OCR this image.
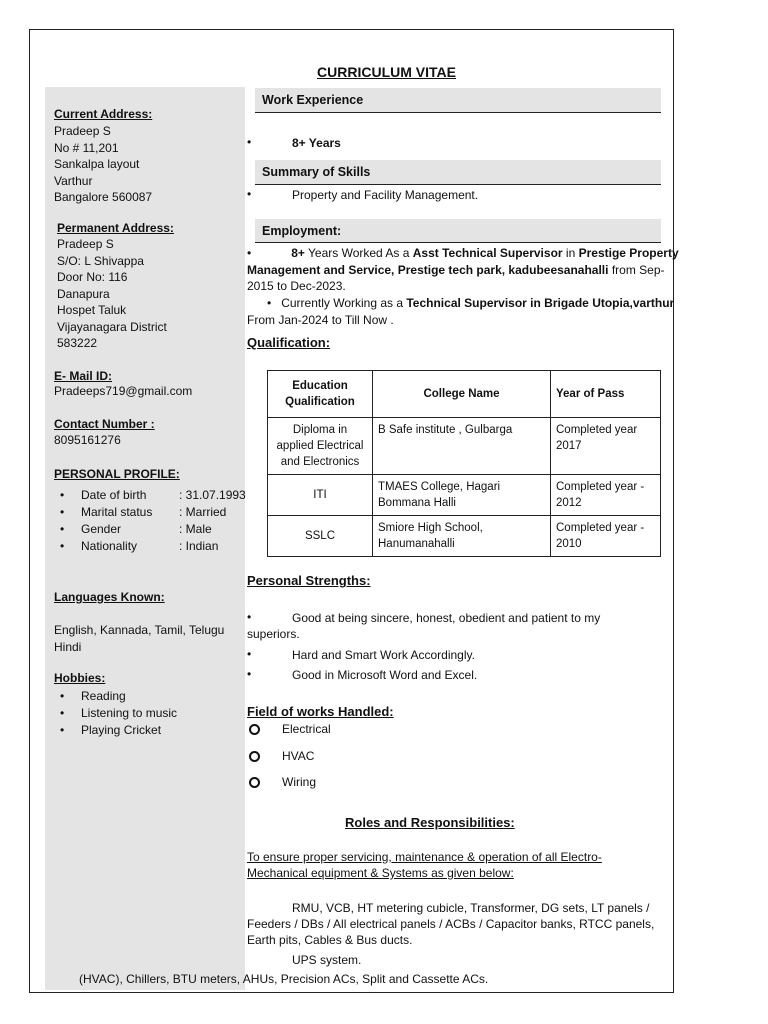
CURRICULUM VITAE
Current Address:
Pradeep S
No # 11,201
Sankalpa layout
Varthur
Bangalore 560087
Permanent Address:
Pradeep S
S/O: L Shivappa
Door No: 116
Danapura
Hospet Taluk
Vijayanagara District
583222
E- Mail ID:
Pradeeps719@gmail.com
Contact Number :
8095161276
PERSONAL PROFILE:
• Date of birth	: 31.07.1993
• Marital status : Married
• Gender	: Male
• Nationality	: Indian
Languages Known:
English, Kannada, Tamil, Telugu
Hindi
Hobbies:
• Reading
• Listening to music
• Playing Cricket
Work Experience
•	8+ Years
Summary of Skills
•	Property and Facility Management.
Employment:
•	8+ Years Worked As a Asst Technical Supervisor in Prestige Property
Management and Service, Prestige tech park, kadubeesanahalli from Sep-
2015 to Dec-2023.
• Currently Working as a Technical Supervisor in Brigade Utopia,varthur
From Jan-2024 to Till Now .
Qualification:
Education Qualification	College Name	Year of Pass
Diploma in applied Electrical and Electronics	B Safe institute , Gulbarga	Completed year 2017
ITI	TMAES College, Hagari Bommana Halli	Completed year - 2012
SSLC	Smiore High School, Hanumanahalli	Completed year - 2010
Personal Strengths:
•	Good at being sincere, honest, obedient and patient to my
superiors.
•	Hard and Smart Work Accordingly.
•	Good in Microsoft Word and Excel.
Field of works Handled:
Electrical
HVAC
Wiring
Roles and Responsibilities:
To ensure proper servicing, maintenance & operation of all Electro-
Mechanical equipment & Systems as given below:
RMU, VCB, HT metering cubicle, Transformer, DG sets, LT panels /
Feeders / DBs / All electrical panels / ACBs / Capacitor banks, RTCC panels,
Earth pits, Cables & Bus ducts.
UPS system.
(HVAC), Chillers, BTU meters, AHUs, Precision ACs, Split and Cassette ACs.
